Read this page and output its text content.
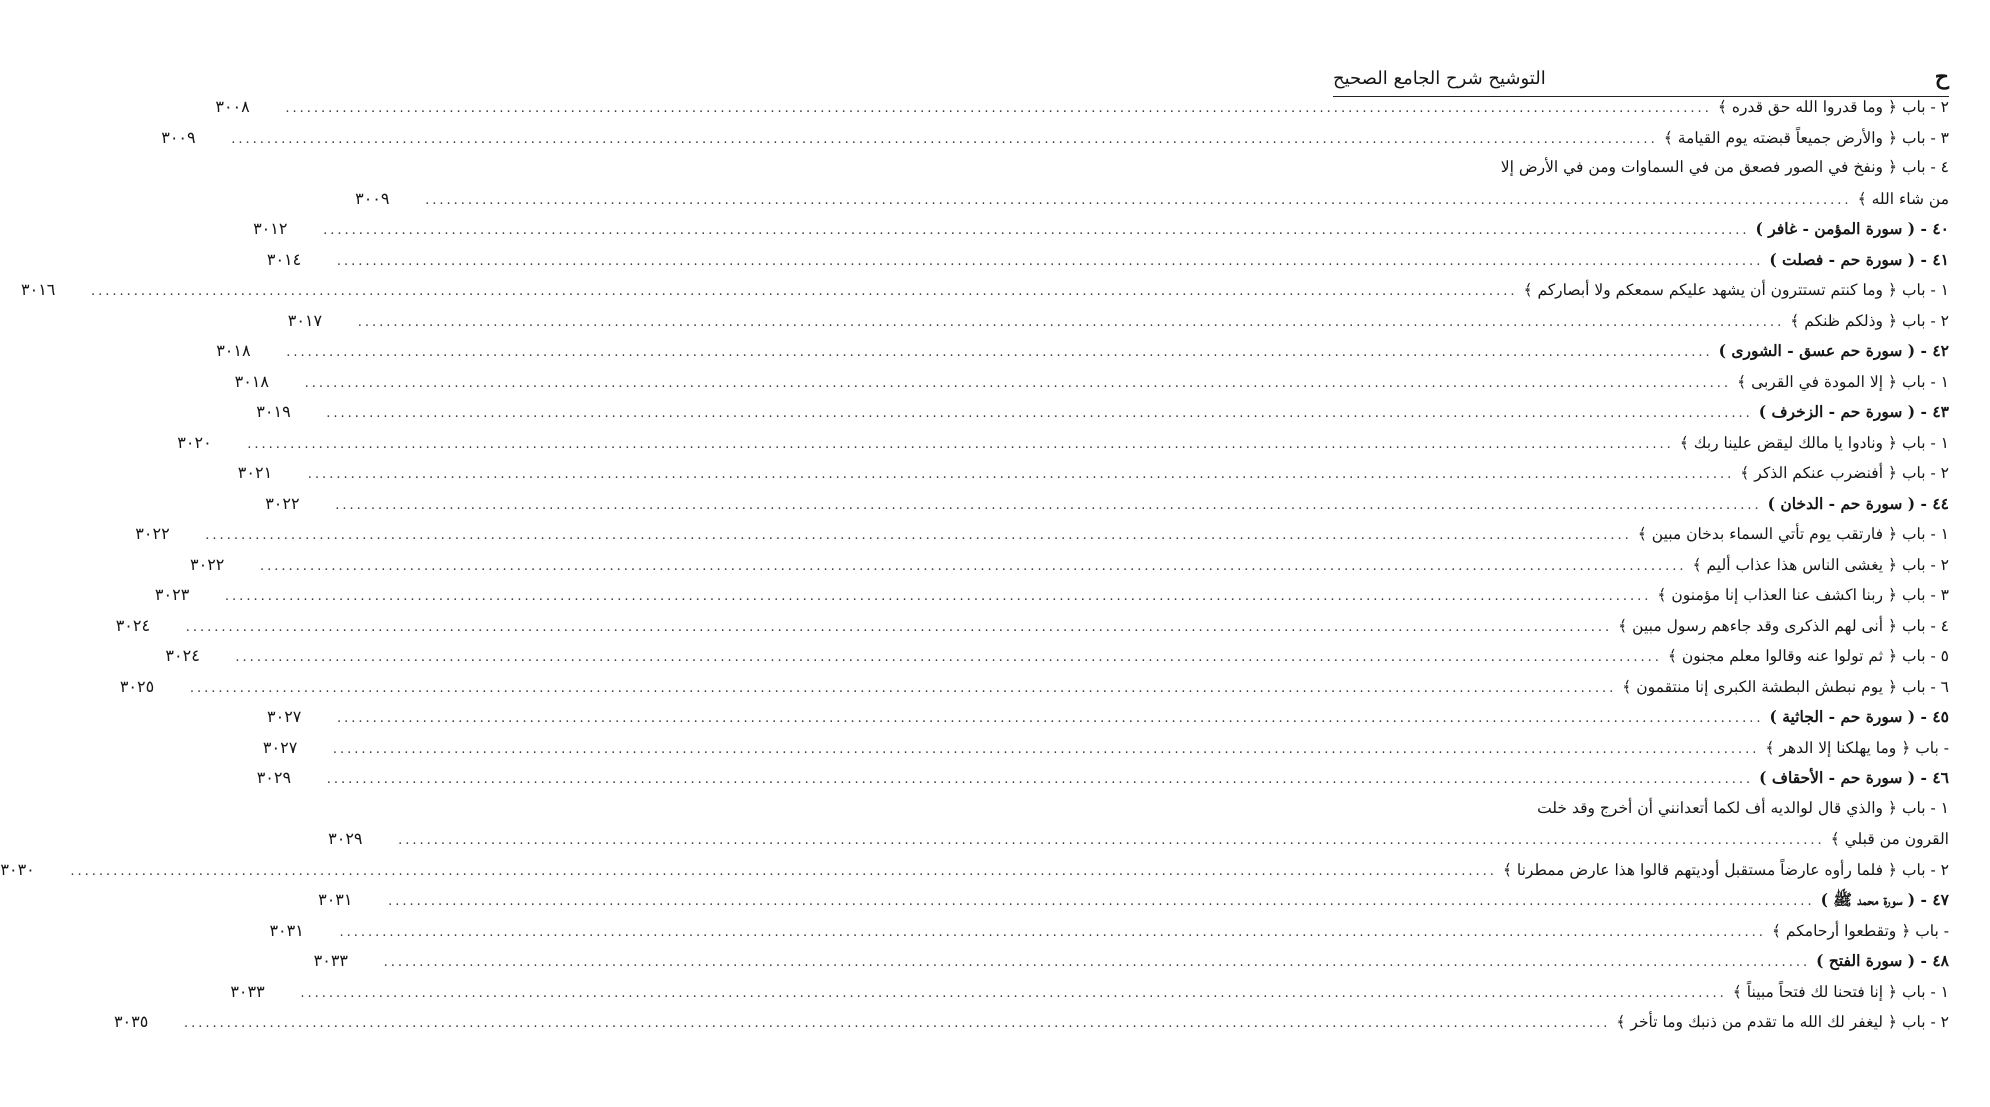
ح
التوشيح شرح الجامع الصحيح
٢ - باب ﴿ وما قدروا الله حق قدره ﴾
........................................................................................................................................................................................................
٣٠٠٨
٣ - باب ﴿ والأرض جميعاً قبضته يوم القيامة ﴾
........................................................................................................................................................................................................
٣٠٠٩
٤ - باب ﴿ ونفخ في الصور فصعق من في السماوات ومن في الأرض إلا
من شاء الله ﴾
........................................................................................................................................................................................................
٣٠٠٩
٤٠ - ( سورة المؤمن - غافر )
........................................................................................................................................................................................................
٣٠١٢
٤١ - ( سورة حم - فصلت )
........................................................................................................................................................................................................
٣٠١٤
١ - باب ﴿ وما كنتم تستترون أن يشهد عليكم سمعكم ولا أبصاركم ﴾
........................................................................................................................................................................................................
٣٠١٦
٢ - باب ﴿ وذلكم ظنكم ﴾
........................................................................................................................................................................................................
٣٠١٧
٤٢ - ( سورة حم عسق - الشورى )
........................................................................................................................................................................................................
٣٠١٨
١ - باب ﴿ إلا المودة في القربى ﴾
........................................................................................................................................................................................................
٣٠١٨
٤٣ - ( سورة حم - الزخرف )
........................................................................................................................................................................................................
٣٠١٩
١ - باب ﴿ ونادوا يا مالك ليقض علينا ربك ﴾
........................................................................................................................................................................................................
٣٠٢٠
٢ - باب ﴿ أفنضرب عنكم الذكر ﴾
........................................................................................................................................................................................................
٣٠٢١
٤٤ - ( سورة حم - الدخان )
........................................................................................................................................................................................................
٣٠٢٢
١ - باب ﴿ فارتقب يوم تأتي السماء بدخان مبين ﴾
........................................................................................................................................................................................................
٣٠٢٢
٢ - باب ﴿ يغشى الناس هذا عذاب أليم ﴾
........................................................................................................................................................................................................
٣٠٢٢
٣ - باب ﴿ ربنا اكشف عنا العذاب إنا مؤمنون ﴾
........................................................................................................................................................................................................
٣٠٢٣
٤ - باب ﴿ أنى لهم الذكرى وقد جاءهم رسول مبين ﴾
........................................................................................................................................................................................................
٣٠٢٤
٥ - باب ﴿ ثم تولوا عنه وقالوا معلم مجنون ﴾
........................................................................................................................................................................................................
٣٠٢٤
٦ - باب ﴿ يوم نبطش البطشة الكبرى إنا منتقمون ﴾
........................................................................................................................................................................................................
٣٠٢٥
٤٥ - ( سورة حم - الجاثية )
........................................................................................................................................................................................................
٣٠٢٧
- باب ﴿ وما يهلكنا إلا الدهر ﴾
........................................................................................................................................................................................................
٣٠٢٧
٤٦ - ( سورة حم - الأحقاف )
........................................................................................................................................................................................................
٣٠٢٩
١ - باب ﴿ والذي قال لوالديه أف لكما أتعدانني أن أخرج وقد خلت
القرون من قبلي ﴾
........................................................................................................................................................................................................
٣٠٢٩
٢ - باب ﴿ فلما رأوه عارضاً مستقبل أوديتهم قالوا هذا عارض ممطرنا ﴾
........................................................................................................................................................................................................
٣٠٣٠
٤٧ - ( سورة محمد ﷺ )
........................................................................................................................................................................................................
٣٠٣١
- باب ﴿ وتقطعوا أرحامكم ﴾
........................................................................................................................................................................................................
٣٠٣١
٤٨ - ( سورة الفتح )
........................................................................................................................................................................................................
٣٠٣٣
١ - باب ﴿ إنا فتحنا لك فتحاً مبيناً ﴾
........................................................................................................................................................................................................
٣٠٣٣
٢ - باب ﴿ ليغفر لك الله ما تقدم من ذنبك وما تأخر ﴾
........................................................................................................................................................................................................
٣٠٣٥
